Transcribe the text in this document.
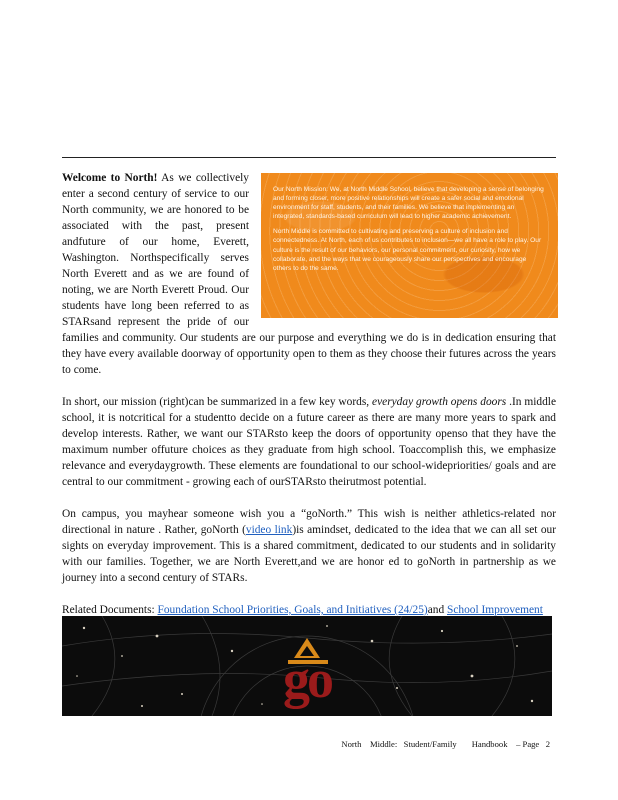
Our North Mission: We, at North Middle School, believe that developing a sense of belonging and forming closer, more positive relationships will create a safer social and emotional environment for staff, students, and their families. We believe that implementing an integrated, standards-based curriculum will lead to higher academic achievement.

North Middle is committed to cultivating and preserving a culture of inclusion and connectedness. At North, each of us contributes to inclusion—we all have a role to play. Our culture is the result of our behaviors, our personal commitment, our curiosity, how we collaborate, and the ways that we courageously share our perspectives and encourage others to do the same.

Welcome to North! As we collectively enter a second century of service to our North community, we are honored to be associated with the past, present andfuture of our home, Everett, Washington. Northspecifically serves North Everett and as we are found of noting, we are North Everett Proud. Our students have long been referred to as STARsand represent the pride of our families and community. Our students are our purpose and everything we do is in dedication ensuring that they have every available doorway of opportunity open to them as they choose their futures across the years to come.

In short, our mission (right)can be summarized in a few key words, everyday growth opens doors .In middle school, it is notcritical for a studentto decide on a future career as there are many more years to spark and develop interests. Rather, we want our STARsto keep the doors of opportunity openso that they have the maximum number offuture choices as they graduate from high school. Toaccomplish this, we emphasize relevance and everydaygrowth. These elements are foundational to our school-widepriorities/ goals and are central to our commitment - growing each of ourSTARsto theirutmost potential.

On campus, you mayhear someone wish you a “goNorth.” This wish is neither athletics-related nor directional in nature . Rather, goNorth (video link)is amindset, dedicated to the idea that we can all set our sights on everyday improvement. This is a shared commitment, dedicated to our students and in solidarity with our families. Together, we are North Everett,and we are honor ed to goNorth in partnership as we journey into a second century of STARs.

Related Documents: Foundation School Priorities, Goals, and Initiatives (24/25)and School Improvement

go
North    Middle:   Student/Family       Handbook    – Page   2
